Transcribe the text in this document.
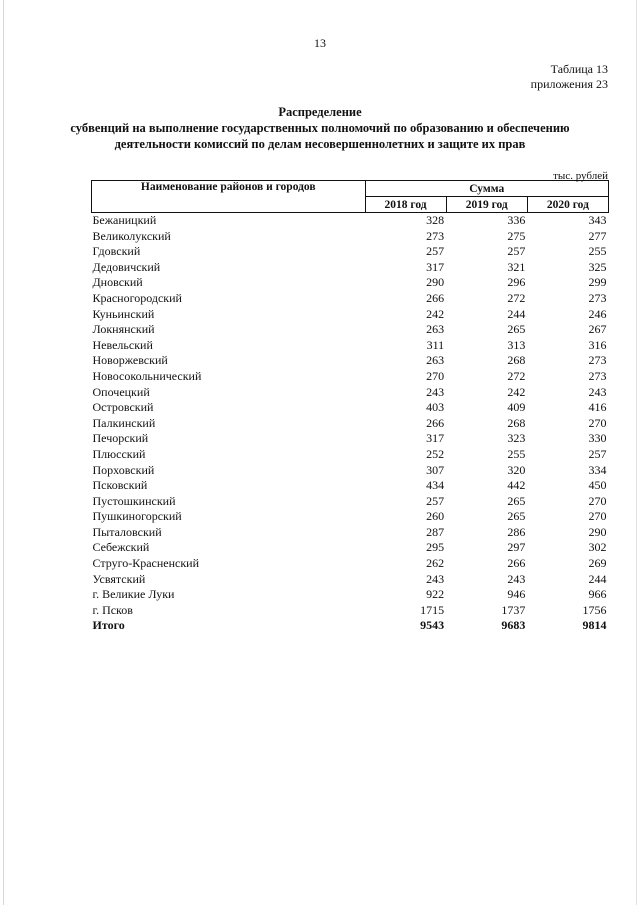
13
Таблица 13
приложения 23
Распределение
субвенций на выполнение государственных полномочий по образованию и обеспечению
деятельности комиссий по делам несовершеннолетних и защите их прав
тыс. рублей
Наименование районов и городов	Сумма		
	2018 год	2019 год	2020 год
Бежаницкий	328	336	343
Великолукский	273	275	277
Гдовский	257	257	255
Дедовичский	317	321	325
Дновский	290	296	299
Красногородский	266	272	273
Куньинский	242	244	246
Локнянский	263	265	267
Невельский	311	313	316
Новоржевский	263	268	273
Новосокольнический	270	272	273
Опочецкий	243	242	243
Островский	403	409	416
Палкинский	266	268	270
Печорский	317	323	330
Плюсский	252	255	257
Порховский	307	320	334
Псковский	434	442	450
Пустошкинский	257	265	270
Пушкиногорский	260	265	270
Пыталовский	287	286	290
Себежский	295	297	302
Струго-Красненский	262	266	269
Усвятский	243	243	244
г. Великие Луки	922	946	966
г. Псков	1715	1737	1756
Итого	9543	9683	9814
